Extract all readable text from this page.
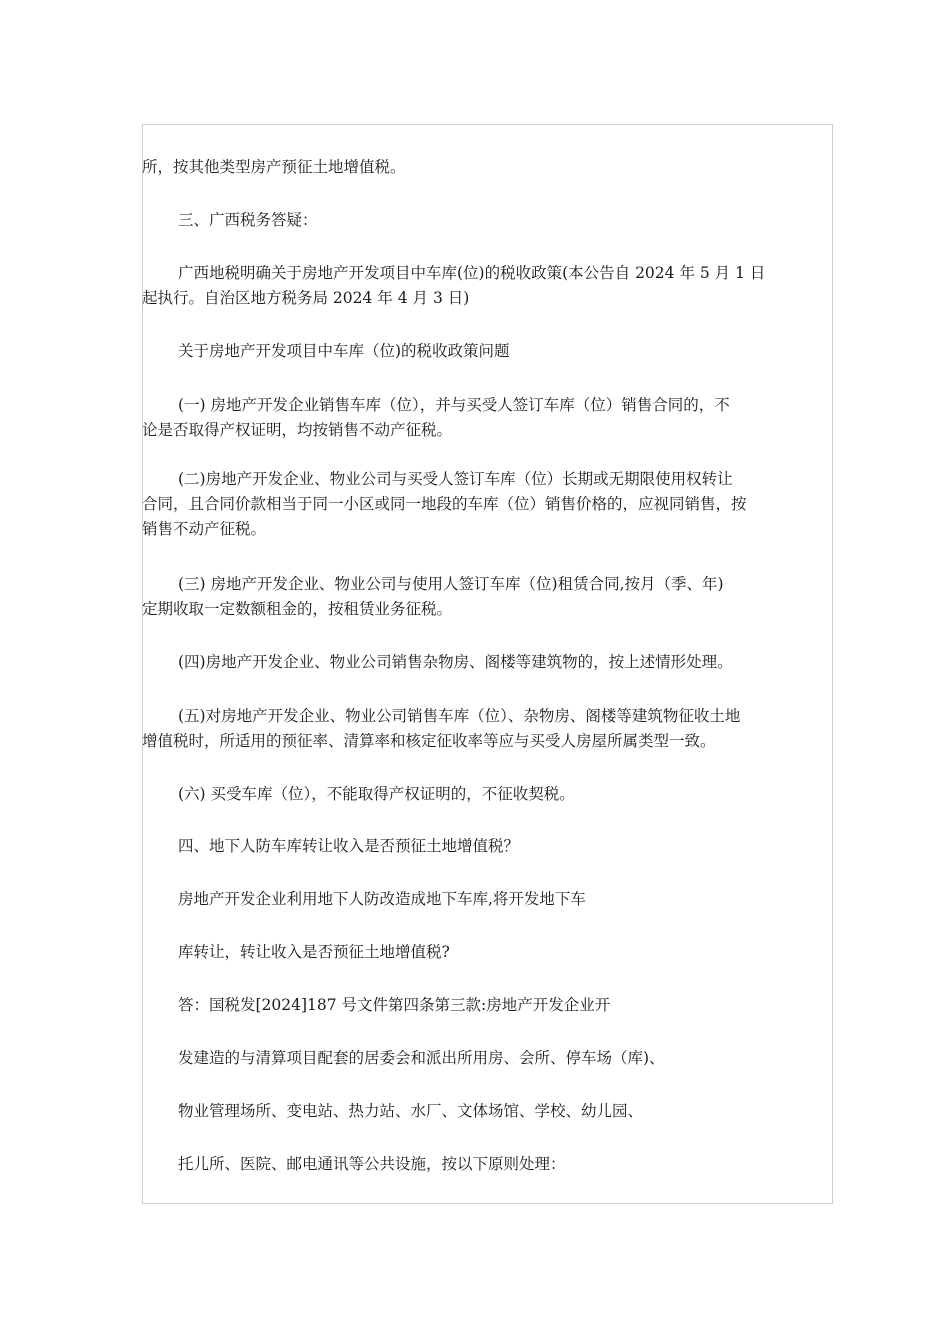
所，按其他类型房产预征土地增值税。
三、广西税务答疑：
广西地税明确关于房地产开发项目中车库(位)的税收政策(本公告自 2024 年 5 月 1 日
起执行。自治区地方税务局 2024 年 4 月 3 日)
关于房地产开发项目中车库（位)的税收政策问题
(一) 房地产开发企业销售车库（位），并与买受人签订车库（位）销售合同的，不
论是否取得产权证明，均按销售不动产征税。
(二)房地产开发企业、物业公司与买受人签订车库（位）长期或无期限使用权转让
合同，且合同价款相当于同一小区或同一地段的车库（位）销售价格的，应视同销售，按
销售不动产征税。
(三) 房地产开发企业、物业公司与使用人签订车库（位)租赁合同,按月（季、年)
定期收取一定数额租金的，按租赁业务征税。
(四)房地产开发企业、物业公司销售杂物房、阁楼等建筑物的，按上述情形处理。
(五)对房地产开发企业、物业公司销售车库（位）、杂物房、阁楼等建筑物征收土地
增值税时，所适用的预征率、清算率和核定征收率等应与买受人房屋所属类型一致。
(六) 买受车库（位），不能取得产权证明的，不征收契税。
四、地下人防车库转让收入是否预征土地增值税？
房地产开发企业利用地下人防改造成地下车库,将开发地下车
库转让，转让收入是否预征土地增值税?
答：国税发[2024]187 号文件第四条第三款:房地产开发企业开
发建造的与清算项目配套的居委会和派出所用房、会所、停车场（库)、
物业管理场所、变电站、热力站、水厂、文体场馆、学校、幼儿园、
托儿所、医院、邮电通讯等公共设施，按以下原则处理：
